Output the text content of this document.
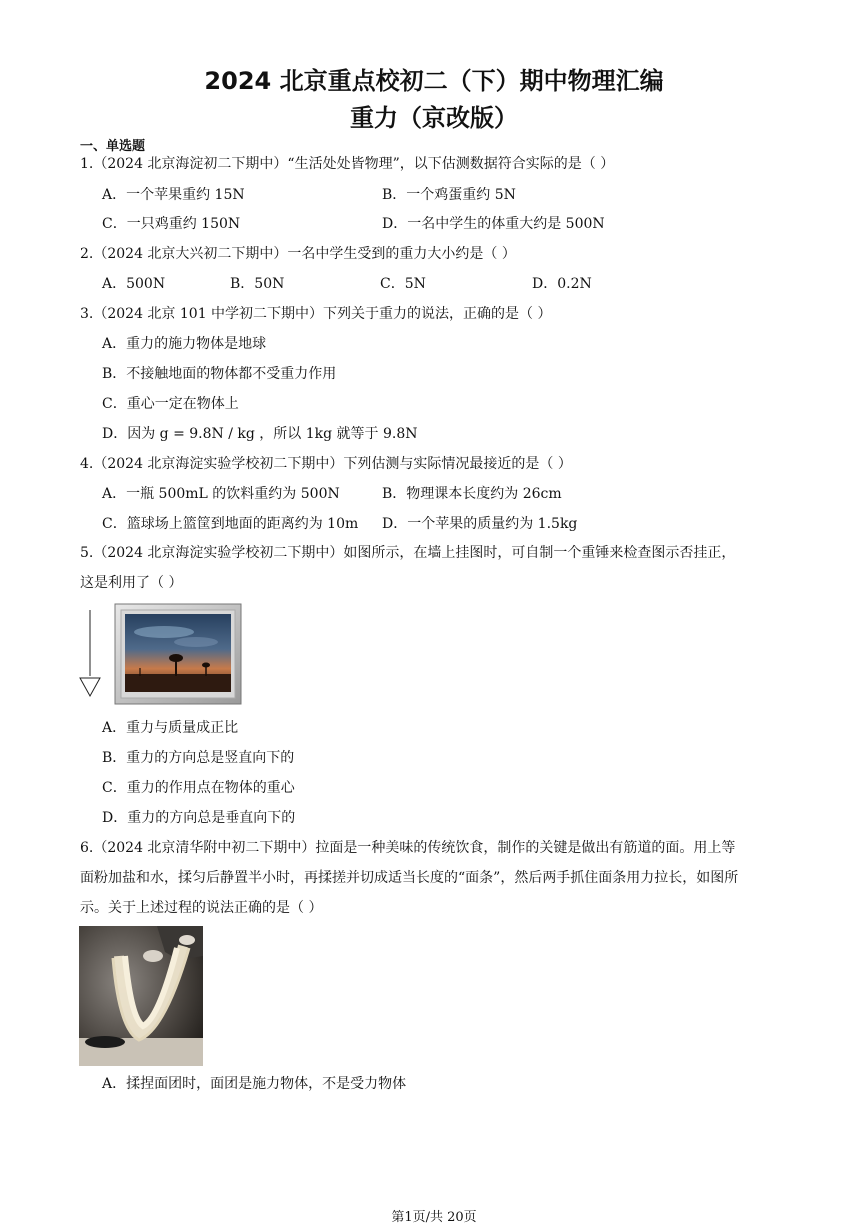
2024 北京重点校初二（下）期中物理汇编
重力（京改版）
一、单选题
1.（2024 北京海淀初二下期中）“生活处处皆物理”，以下估测数据符合实际的是（ ）
A．一个苹果重约 15N	B．一个鸡蛋重约 5N
C．一只鸡重约 150N	D．一名中学生的体重大约是 500N
2.（2024 北京大兴初二下期中）一名中学生受到的重力大小约是（ ）
A．500N	B．50N	C．5N	D．0.2N
3.（2024 北京 101 中学初二下期中）下列关于重力的说法，正确的是（ ）
A．重力的施力物体是地球
B．不接触地面的物体都不受重力作用
C．重心一定在物体上
D．因为 g = 9.8N / kg ，所以 1kg 就等于 9.8N
4.（2024 北京海淀实验学校初二下期中）下列估测与实际情况最接近的是（ ）
A．一瓶 500mL 的饮料重约为 500N	B．物理课本长度约为 26cm
C．篮球场上篮筐到地面的距离约为 10m D．一个苹果的质量约为 1.5kg
5.（2024 北京海淀实验学校初二下期中）如图所示，在墙上挂图时，可自制一个重锤来检查图示否挂正，
这是利用了（ ）
A．重力与质量成正比
B．重力的方向总是竖直向下的
C．重力的作用点在物体的重心
D．重力的方向总是垂直向下的
6.（2024 北京清华附中初二下期中）拉面是一种美味的传统饮食，制作的关键是做出有筋道的面。用上等
面粉加盐和水，揉匀后静置半小时，再揉搓并切成适当长度的“面条”，然后两手抓住面条用力拉长，如图所
示。关于上述过程的说法正确的是（ ）
A．揉捏面团时，面团是施力物体，不是受力物体
第1页/共 20页
